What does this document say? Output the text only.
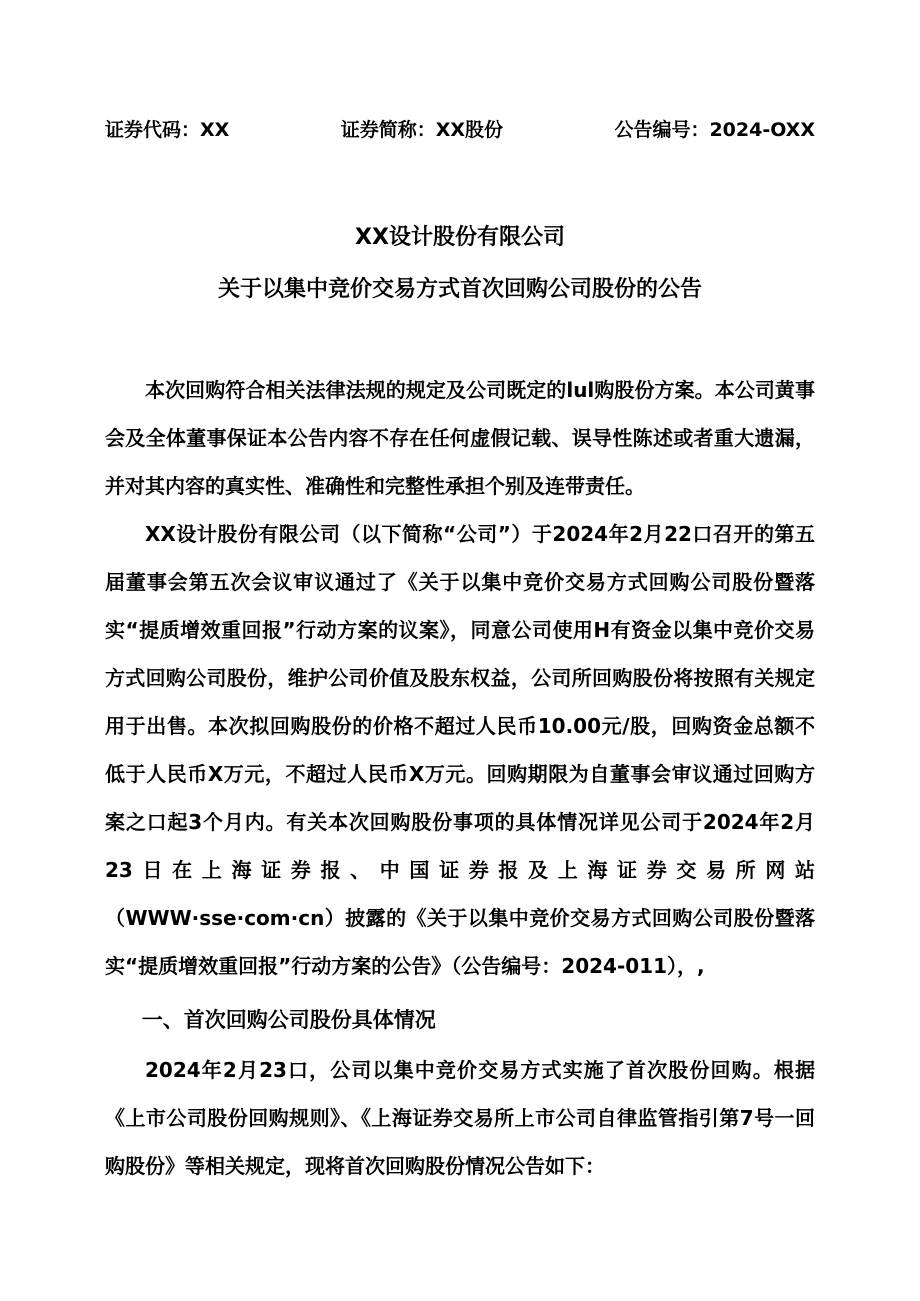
证券代码：XX	证券简称：XX股份	公告编号：2024-OXX
XX设计股份有限公司
关于以集中竞价交易方式首次回购公司股份的公告

本次回购符合相关法律法规的规定及公司既定的lul购股份方案。本公司黄事会及全体董事保证本公告内容不存在任何虚假记载、误导性陈述或者重大遗漏，并对其内容的真实性、准确性和完整性承担个别及连带责任。

XX设计股份有限公司（以下简称“公司”）于2024年2月22口召开的第五届董事会第五次会议审议通过了《关于以集中竞价交易方式回购公司股份暨落实“提质增效重回报”行动方案的议案》，同意公司使用H有资金以集中竞价交易方式回购公司股份，维护公司价值及股东权益，公司所回购股份将按照有关规定用于出售。本次拟回购股份的价格不超过人民币10.00元/股，回购资金总额不低于人民币X万元，不超过人民币X万元。回购期限为自董事会审议通过回购方案之口起3个月内。有关本次回购股份事项的具体情况详见公司于2024年2月23日在上海证券报、中国证券报及上海证券交易所网站（WWW·sse·com·cn）披露的《关于以集中竞价交易方式回购公司股份暨落实“提质增效重回报”行动方案的公告》（公告编号：2024-011），,

一、首次回购公司股份具体情况

2024年2月23口，公司以集中竞价交易方式实施了首次股份回购。根据《上市公司股份回购规则》、《上海证券交易所上市公司自律监管指引第7号一回购股份》等相关规定，现将首次回购股份情况公告如下：
